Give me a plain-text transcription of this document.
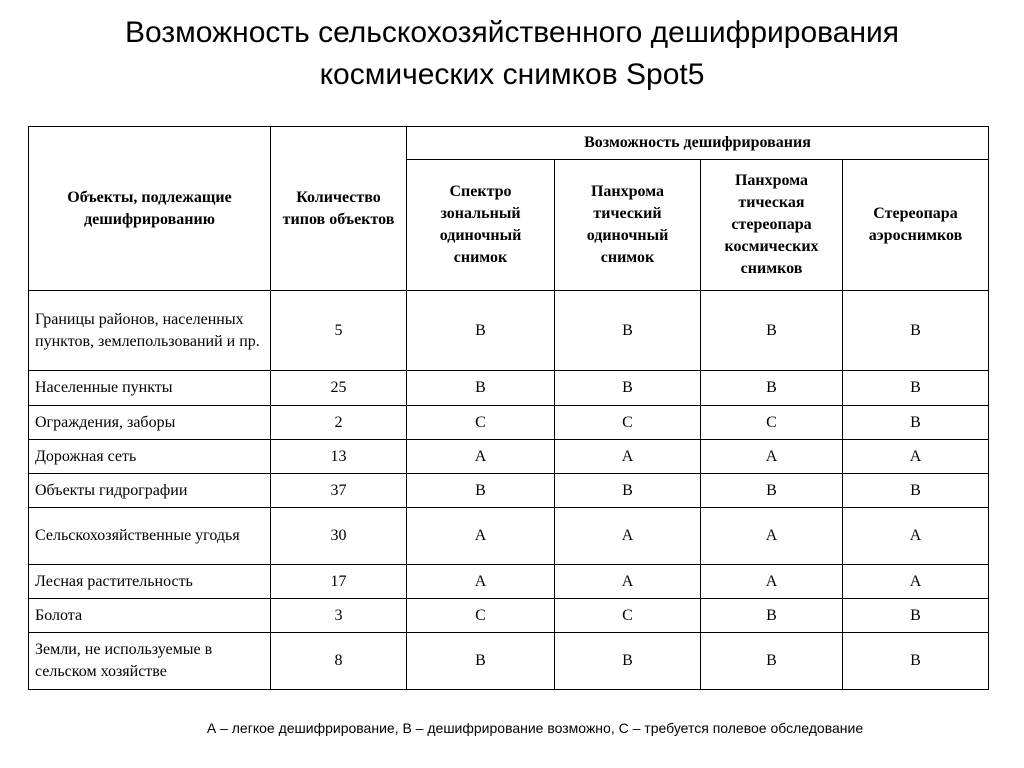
Возможность сельскохозяйственного дешифрирования
космических снимков Spot5
Объекты, подлежащие дешифрированию	Количество типов объектов	Возможность дешифрирования			
		Спектро зональный одиночный снимок	Панхрома тический одиночный снимок	Панхрома тическая стереопара космических снимков	Стереопара аэроснимков
Границы районов, населенных пунктов, землепользований и пр.	5	В	В	В	В
Населенные пункты	25	В	В	В	В
Ограждения, заборы	2	С	С	С	В
Дорожная сеть	13	А	А	А	А
Объекты гидрографии	37	В	В	В	В
Сельскохозяйственные угодья	30	А	А	А	А
Лесная растительность	17	А	А	А	А
Болота	3	С	С	В	В
Земли, не используемые в сельском хозяйстве	8	В	В	В	В
А – легкое дешифрирование, В – дешифрирование возможно, С – требуется полевое обследование
